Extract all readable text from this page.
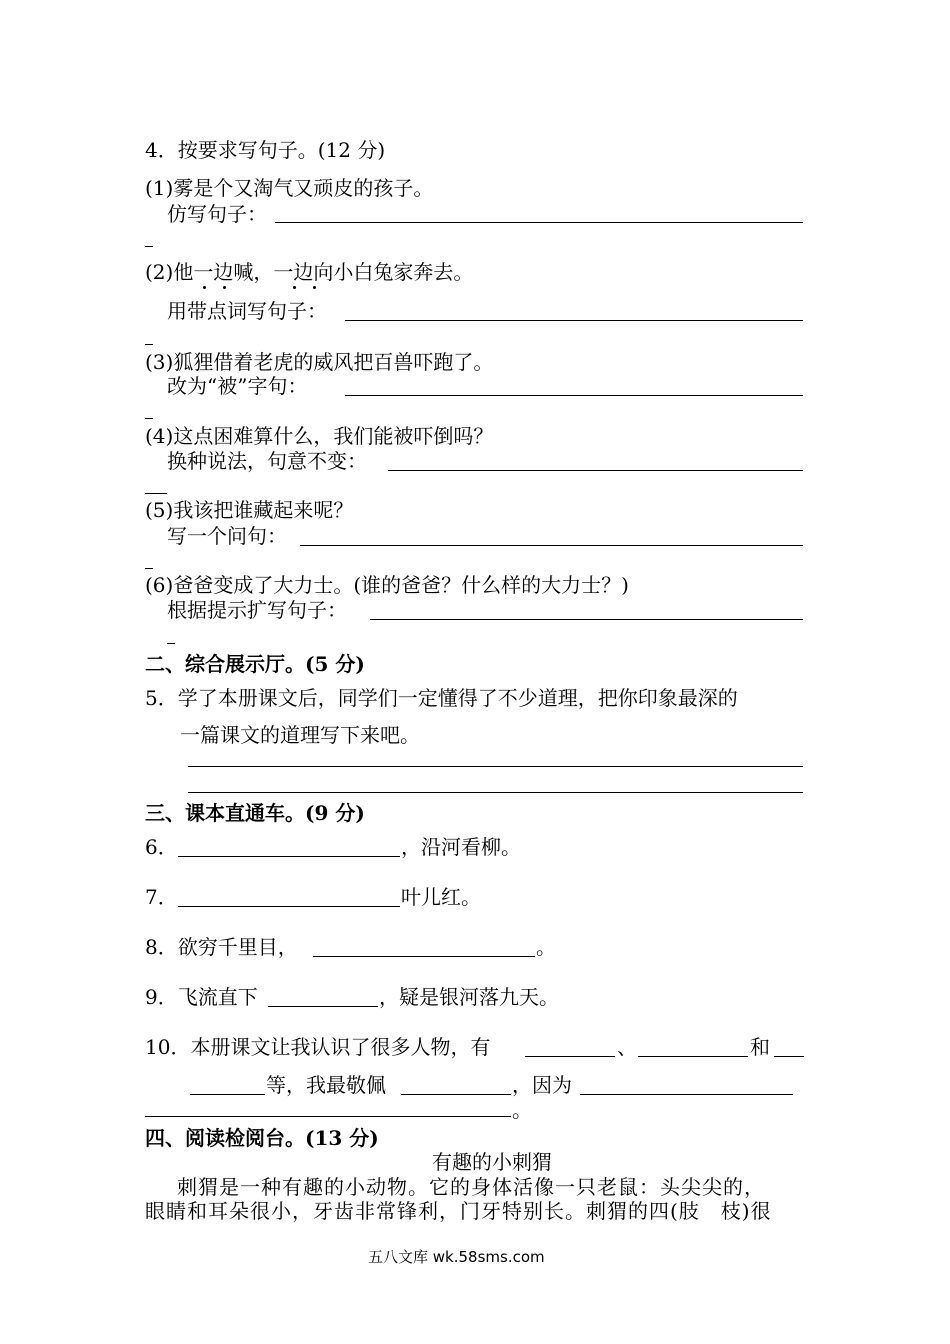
4．按要求写句子。(12 分)
(1)雾是个又淘气又顽皮的孩子。
仿写句子：
(2)他一边喊，一边向小白兔家奔去。
用带点词写句子：
(3)狐狸借着老虎的威风把百兽吓跑了。
改为“被”字句：
(4)这点困难算什么，我们能被吓倒吗？
换种说法，句意不变：
(5)我该把谁藏起来呢？
写一个问句：
(6)爸爸变成了大力士。(谁的爸爸？什么样的大力士？)
根据提示扩写句子：
二、综合展示厅。(5 分)
5．学了本册课文后，同学们一定懂得了不少道理，把你印象最深的
一篇课文的道理写下来吧。
三、课本直通车。(9 分)
6．	，沿河看柳。
7．	叶儿红。
8．欲穷千里目，	。
9．飞流直下	，疑是银河落九天。
10．本册课文让我认识了很多人物，有	、	和
等，我最敬佩	，因为
。
四、阅读检阅台。(13 分)
有趣的小刺猬
刺猬是一种有趣的小动物。它的身体活像一只老鼠：头尖尖的，
眼睛和耳朵很小，牙齿非常锋利，门牙特别长。刺猬的四(肢　枝)很
五八文库 wk.58sms.com
